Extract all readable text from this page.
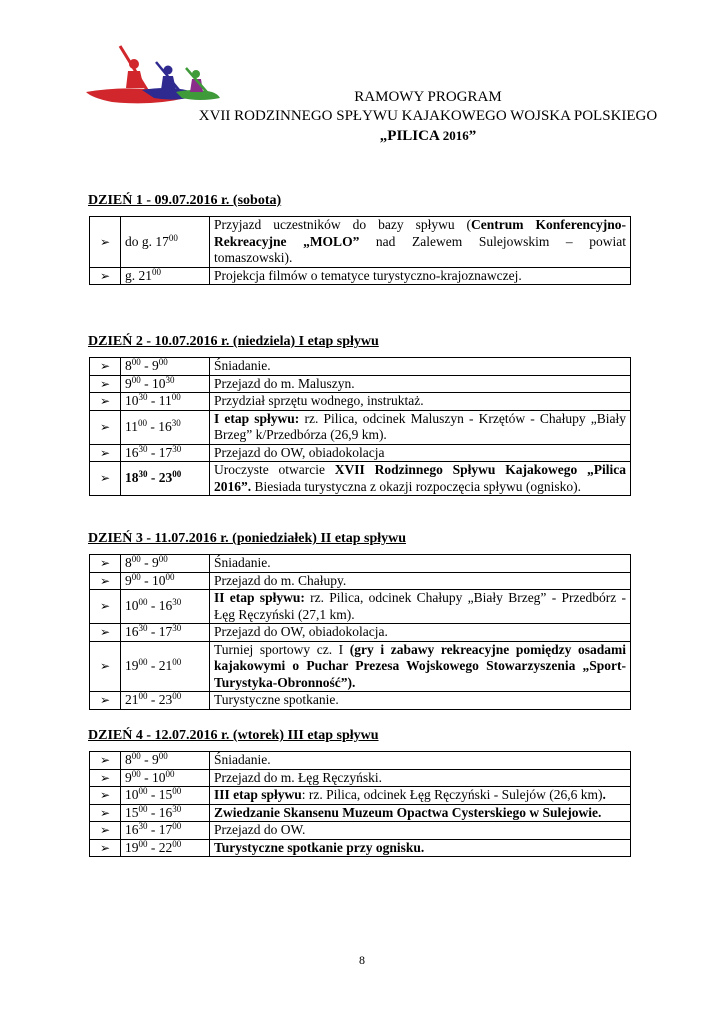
RAMOWY PROGRAM
XVII RODZINNEGO SPŁYWU KAJAKOWEGO WOJSKA POLSKIEGO
„PILICA 2016”
DZIEŃ 1 - 09.07.2016 r. (sobota)
➢	do g. $17^{00}$	Przyjazd uczestników do bazy spływu (Centrum Konferencyjno-Rekreacyjne „MOLO” nad Zalewem Sulejowskim – powiat tomaszowski).
➢	g. $21^{00}$	Projekcja filmów o tematyce turystyczno-krajoznawczej.
DZIEŃ 2 - 10.07.2016 r. (niedziela) I etap spływu
➢	$8^{00} - 9^{00}$	Śniadanie.
➢	$9^{00} - 10^{30}$	Przejazd do m. Maluszyn.
➢	$10^{30} - 11^{00}$	Przydział sprzętu wodnego, instruktaż.
➢	$11^{00} - 16^{30}$	I etap spływu: rz. Pilica, odcinek Maluszyn - Krzętów - Chałupy „Biały Brzeg” k/Przedbórza (26,9 km).
➢	$16^{30} - 17^{30}$	Przejazd do OW, obiadokolacja
➢	$18^{30} - 23^{00}$	Uroczyste otwarcie XVII Rodzinnego Spływu Kajakowego „Pilica 2016”. Biesiada turystyczna z okazji rozpoczęcia spływu (ognisko).
DZIEŃ 3 - 11.07.2016 r. (poniedziałek) II etap spływu
➢	$8^{00} - 9^{00}$	Śniadanie.
➢	$9^{00} - 10^{00}$	Przejazd do m. Chałupy.
➢	$10^{00} - 16^{30}$	II etap spływu: rz. Pilica, odcinek Chałupy „Biały Brzeg” - Przedbórz - Łęg Ręczyński (27,1 km).
➢	$16^{30} - 17^{30}$	Przejazd do OW, obiadokolacja.
➢	$19^{00} - 21^{00}$	Turniej sportowy cz. I (gry i zabawy rekreacyjne pomiędzy osadami kajakowymi o Puchar Prezesa Wojskowego Stowarzyszenia „Sport-Turystyka-Obronność”).
➢	$21^{00} - 23^{00}$	Turystyczne spotkanie.
DZIEŃ 4 - 12.07.2016 r. (wtorek) III etap spływu
➢	$8^{00} - 9^{00}$	Śniadanie.
➢	$9^{00} - 10^{00}$	Przejazd do m. Łęg Ręczyński.
➢	$10^{00} - 15^{00}$	III etap spływu: rz. Pilica, odcinek Łęg Ręczyński - Sulejów (26,6 km).
➢	$15^{00} - 16^{30}$	Zwiedzanie Skansenu Muzeum Opactwa Cysterskiego w Sulejowie.
➢	$16^{30} - 17^{00}$	Przejazd do OW.
➢	$19^{00} - 22^{00}$	Turystyczne spotkanie przy ognisku.
8
